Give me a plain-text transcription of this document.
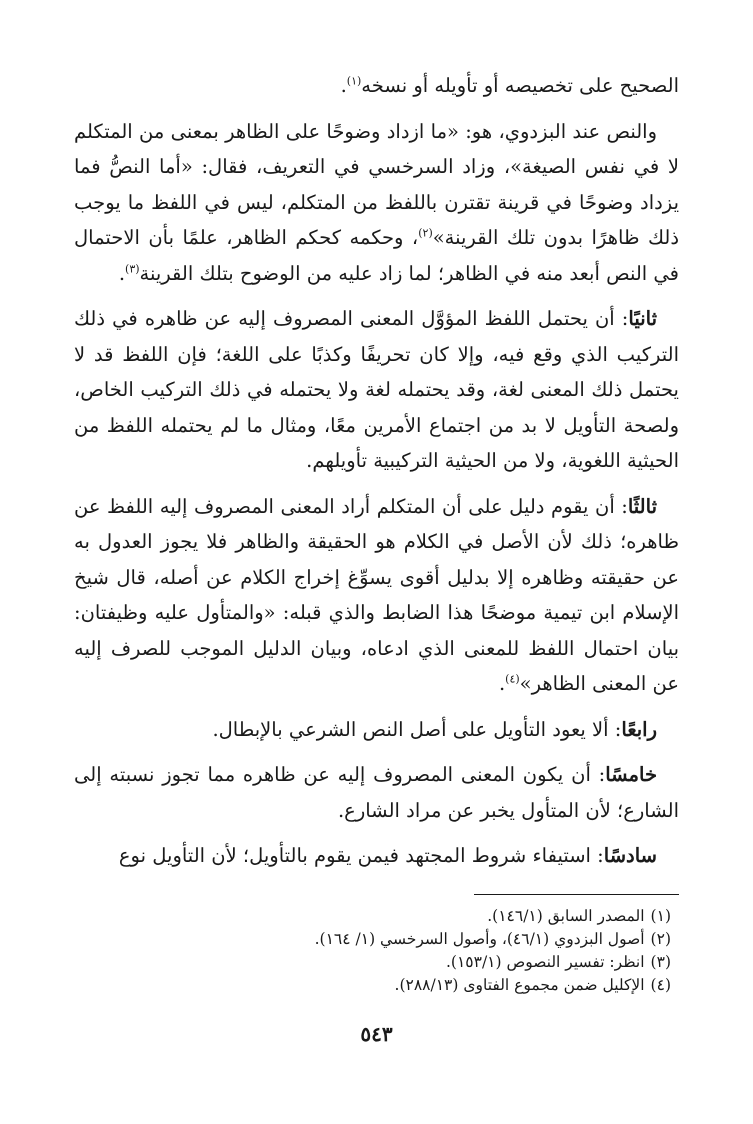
الصحيح على تخصيصه أو تأويله أو نسخه$^{(١)}$.

والنص عند البزدوي، هو: «ما ازداد وضوحًا على الظاهر بمعنى من المتكلم لا في نفس الصيغة»، وزاد السرخسي في التعريف، فقال: «أما النصُّ فما يزداد وضوحًا في قرينة تقترن باللفظ من المتكلم، ليس في اللفظ ما يوجب ذلك ظاهرًا بدون تلك القرينة»$^{(٢)}$، وحكمه كحكم الظاهر، علمًا بأن الاحتمال في النص أبعد منه في الظاهر؛ لما زاد عليه من الوضوح بتلك القرينة$^{(٣)}$.

ثانيًا: أن يحتمل اللفظ المؤوَّل المعنى المصروف إليه عن ظاهره في ذلك التركيب الذي وقع فيه، وإلا كان تحريفًا وكذبًا على اللغة؛ فإن اللفظ قد لا يحتمل ذلك المعنى لغة، وقد يحتمله لغة ولا يحتمله في ذلك التركيب الخاص، ولصحة التأويل لا بد من اجتماع الأمرين معًا، ومثال ما لم يحتمله اللفظ من الحيثية اللغوية، ولا من الحيثية التركيبية تأويلهم.

ثالثًا: أن يقوم دليل على أن المتكلم أراد المعنى المصروف إليه اللفظ عن ظاهره؛ ذلك لأن الأصل في الكلام هو الحقيقة والظاهر فلا يجوز العدول به عن حقيقته وظاهره إلا بدليل أقوى يسوِّغ إخراج الكلام عن أصله، قال شيخ الإسلام ابن تيمية موضحًا هذا الضابط والذي قبله: «والمتأول عليه وظيفتان: بيان احتمال اللفظ للمعنى الذي ادعاه، وبيان الدليل الموجب للصرف إليه عن المعنى الظاهر»$^{(٤)}$.

رابعًا: ألا يعود التأويل على أصل النص الشرعي بالإبطال.

خامسًا: أن يكون المعنى المصروف إليه عن ظاهره مما تجوز نسبته إلى الشارع؛ لأن المتأول يخبر عن مراد الشارع.

سادسًا: استيفاء شروط المجتهد فيمن يقوم بالتأويل؛ لأن التأويل نوع

(١)المصدر السابق (١٤٦/١).
(٢)أصول البزدوي (٤٦/١)، وأصول السرخسي (١/ ١٦٤).
(٣)انظر: تفسير النصوص (١٥٣/١).
(٤)الإكليل ضمن مجموع الفتاوى (٢٨٨/١٣).
٥٤٣
